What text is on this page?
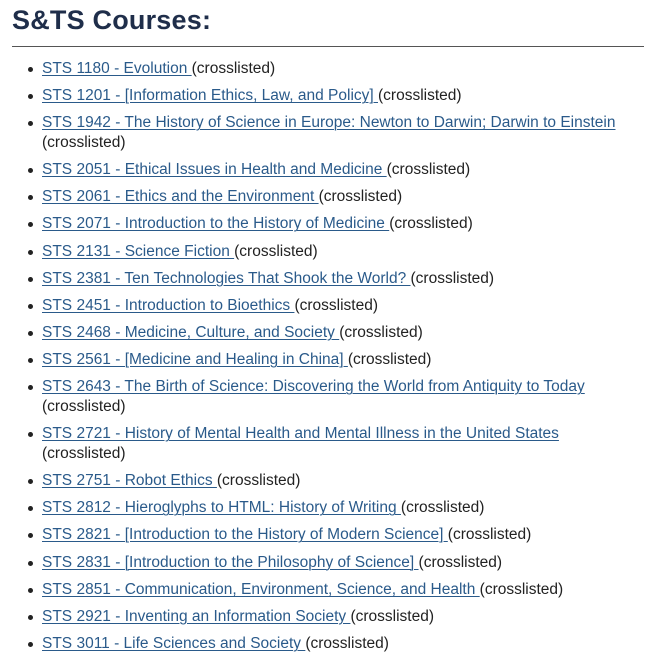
S&TS Courses:
STS 1180 - Evolution (crosslisted)
STS 1201 - [Information Ethics, Law, and Policy] (crosslisted)
STS 1942 - The History of Science in Europe: Newton to Darwin; Darwin to Einstein (crosslisted)
STS 2051 - Ethical Issues in Health and Medicine (crosslisted)
STS 2061 - Ethics and the Environment (crosslisted)
STS 2071 - Introduction to the History of Medicine (crosslisted)
STS 2131 - Science Fiction (crosslisted)
STS 2381 - Ten Technologies That Shook the World? (crosslisted)
STS 2451 - Introduction to Bioethics (crosslisted)
STS 2468 - Medicine, Culture, and Society (crosslisted)
STS 2561 - [Medicine and Healing in China] (crosslisted)
STS 2643 - The Birth of Science: Discovering the World from Antiquity to Today
(crosslisted)
STS 2721 - History of Mental Health and Mental Illness in the United States
(crosslisted)
STS 2751 - Robot Ethics (crosslisted)
STS 2812 - Hieroglyphs to HTML: History of Writing (crosslisted)
STS 2821 - [Introduction to the History of Modern Science] (crosslisted)
STS 2831 - [Introduction to the Philosophy of Science] (crosslisted)
STS 2851 - Communication, Environment, Science, and Health (crosslisted)
STS 2921 - Inventing an Information Society (crosslisted)
STS 3011 - Life Sciences and Society (crosslisted)
